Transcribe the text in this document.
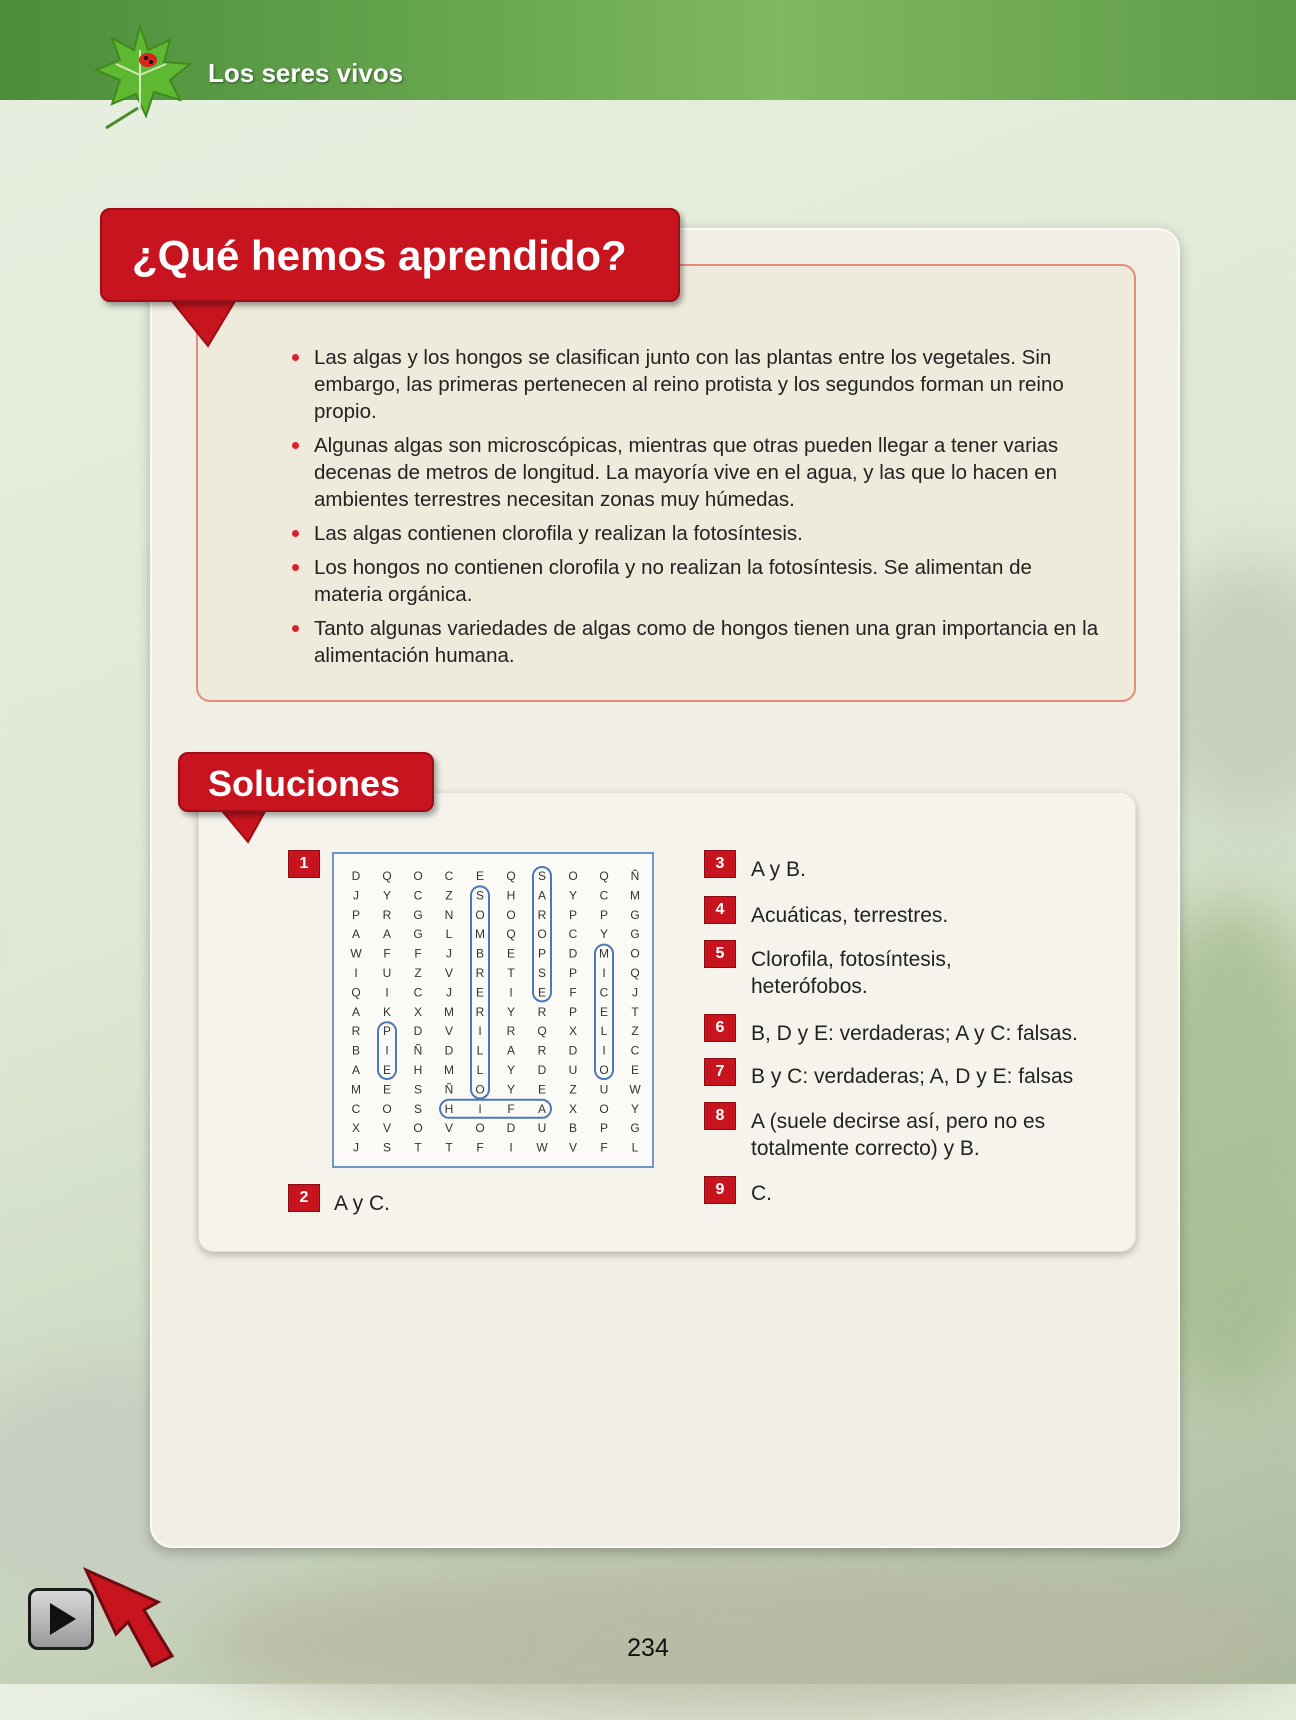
Los seres vivos
¿Qué hemos aprendido?
Las algas y los hongos se clasifican junto con las plantas entre los vegetales. Sin embargo, las primeras pertenecen al reino protista y los segundos forman un reino propio.
Algunas algas son microscópicas, mientras que otras pueden llegar a tener varias decenas de metros de longitud. La mayoría vive en el agua, y las que lo hacen en ambientes terrestres necesitan zonas muy húmedas.
Las algas contienen clorofila y realizan la fotosíntesis.
Los hongos no contienen clorofila y no realizan la fotosíntesis. Se alimentan de materia orgánica.
Tanto algunas variedades de algas como de hongos tienen una gran importancia en la alimentación humana.
Soluciones
1
D Q O C E Q S O Q Ñ
J Y C Z S H A Y C M
P R G N O O R P P G
A A G L M Q O C Y G
W F F J B E P D M O
I U Z V R T S P I Q
Q I C J E I E F C J
A K X M R Y R P E T
R P D V I R Q X L Z
B I Ñ D L A R D I C
A E H M L Y D U O E
M E S Ñ O Y E Z U W
C O S H I F A X O Y
X V O V O D U B P G
J S T T F I W V F L
2	A y C.
3	A y B.
4	Acuáticas, terrestres.
5	Clorofila, fotosíntesis, heterófobos.
6	B, D y E: verdaderas; A y C: falsas.
7	B y C: verdaderas; A, D y E: falsas
8	A (suele decirse así, pero no es totalmente correcto) y B.
9	C.
234
